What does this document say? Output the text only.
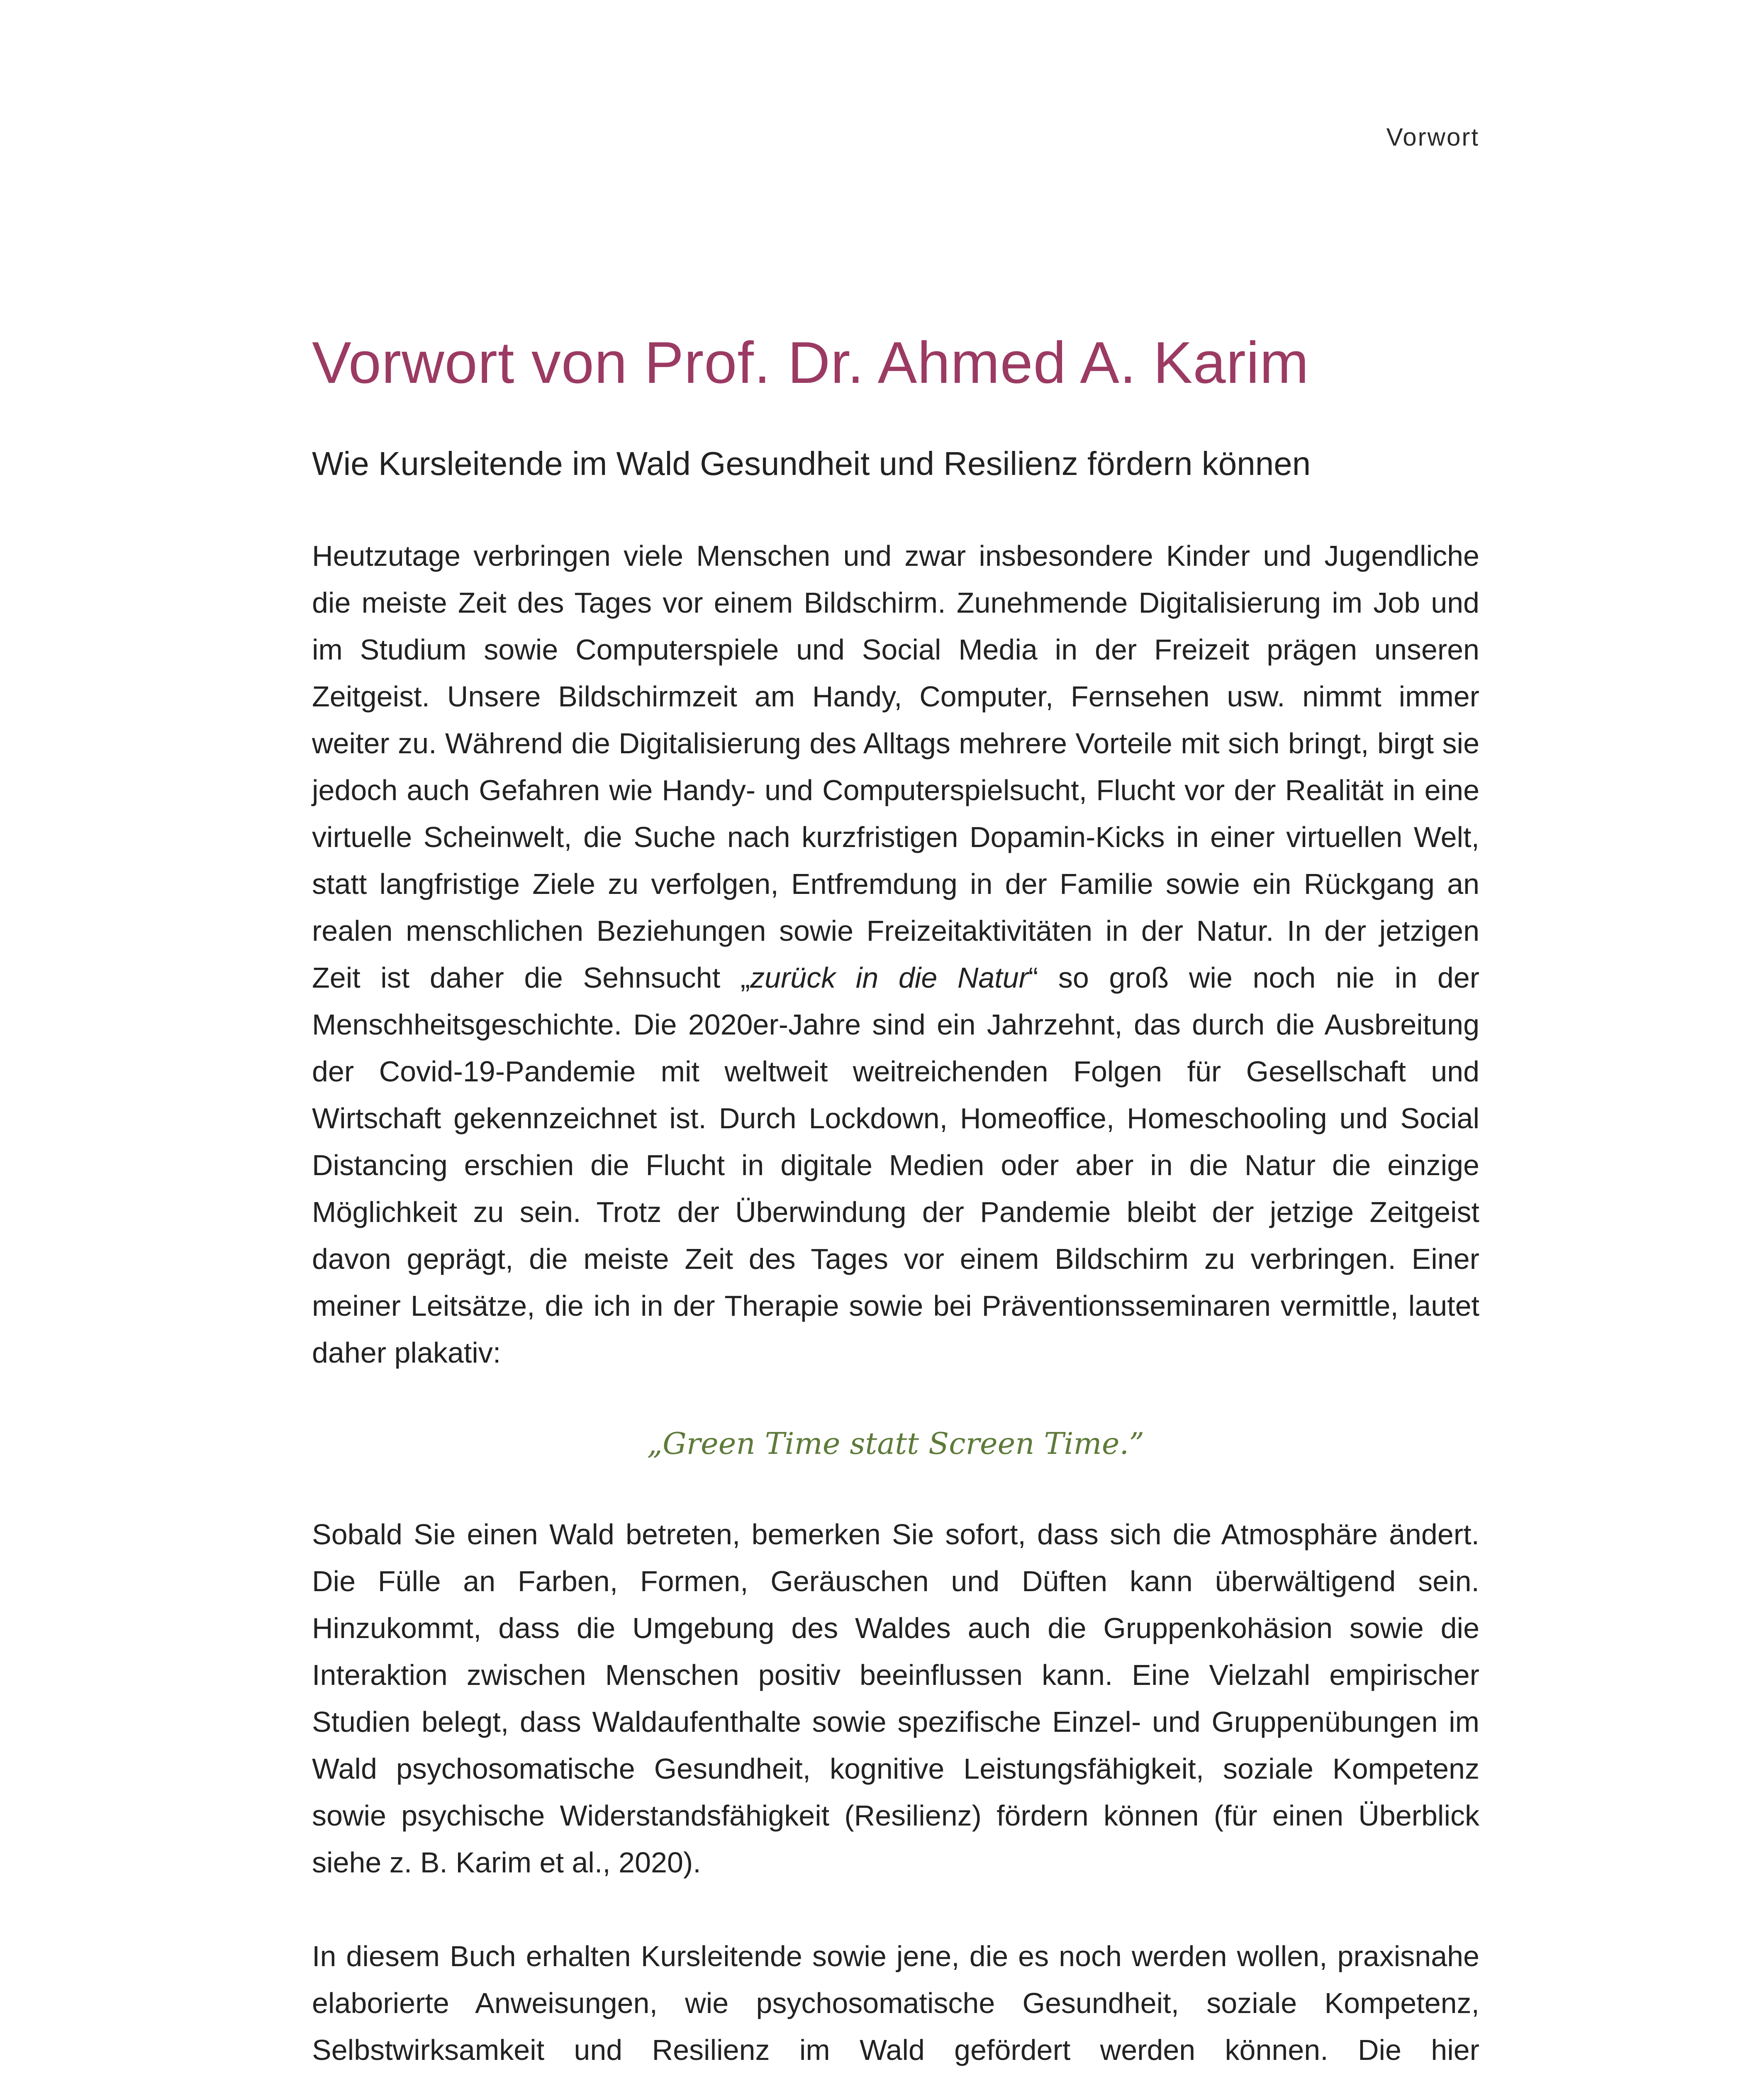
Vorwort
Vorwort von Prof. Dr. Ahmed A. Karim
Wie Kursleitende im Wald Gesundheit und Resilienz fördern können

Heutzutage verbringen viele Menschen und zwar insbesondere Kinder und Jugendliche die meiste Zeit des Tages vor einem Bildschirm. Zunehmende Digitalisierung im Job und im Studium sowie Computerspiele und Social Media in der Freizeit prägen unseren Zeitgeist. Unsere Bildschirmzeit am Handy, Computer, Fernsehen usw. nimmt immer weiter zu. Während die Digitalisierung des Alltags mehrere Vorteile mit sich bringt, birgt sie jedoch auch Gefahren wie Handy- und Computerspielsucht, Flucht vor der Realität in eine virtuelle Scheinwelt, die Suche nach kurzfristigen Dopamin-Kicks in einer virtuellen Welt, statt langfristige Ziele zu verfolgen, Entfremdung in der Familie sowie ein Rückgang an realen menschlichen Beziehungen sowie Freizeitaktivitäten in der Natur. In der jetzigen Zeit ist daher die Sehnsucht „zurück in die Natur“ so groß wie noch nie in der Menschheitsgeschichte. Die 2020er-Jahre sind ein Jahrzehnt, das durch die Ausbreitung der Covid-19-Pandemie mit weltweit weitreichenden Folgen für Gesellschaft und Wirtschaft gekennzeichnet ist. Durch Lockdown, Homeoffice, Homeschooling und Social Distancing erschien die Flucht in digitale Medien oder aber in die Natur die einzige Möglichkeit zu sein. Trotz der Überwindung der Pandemie bleibt der jetzige Zeitgeist davon geprägt, die meiste Zeit des Tages vor einem Bildschirm zu verbringen. Einer meiner Leitsätze, die ich in der Therapie sowie bei Präventionsseminaren vermittle, lautet daher plakativ:

„Green Time statt Screen Time.”

Sobald Sie einen Wald betreten, bemerken Sie sofort, dass sich die Atmosphäre ändert. Die Fülle an Farben, Formen, Geräuschen und Düften kann überwältigend sein. Hinzukommt, dass die Umgebung des Waldes auch die Gruppenkohäsion sowie die Interaktion zwischen Menschen positiv beeinflussen kann. Eine Vielzahl empirischer Studien belegt, dass Waldaufenthalte sowie spezifische Einzel- und Gruppenübungen im Wald psychosomatische Gesundheit, kognitive Leistungsfähigkeit, soziale Kompetenz sowie psychische Widerstandsfähigkeit (Resilienz) fördern können (für einen Überblick siehe z. B. Karim et al., 2020).

In diesem Buch erhalten Kursleitende sowie jene, die es noch werden wollen, praxisnahe elaborierte Anweisungen, wie psychosomatische Gesundheit, soziale Kompetenz, Selbstwirksamkeit und Resilienz im Wald gefördert werden können. Die hier
